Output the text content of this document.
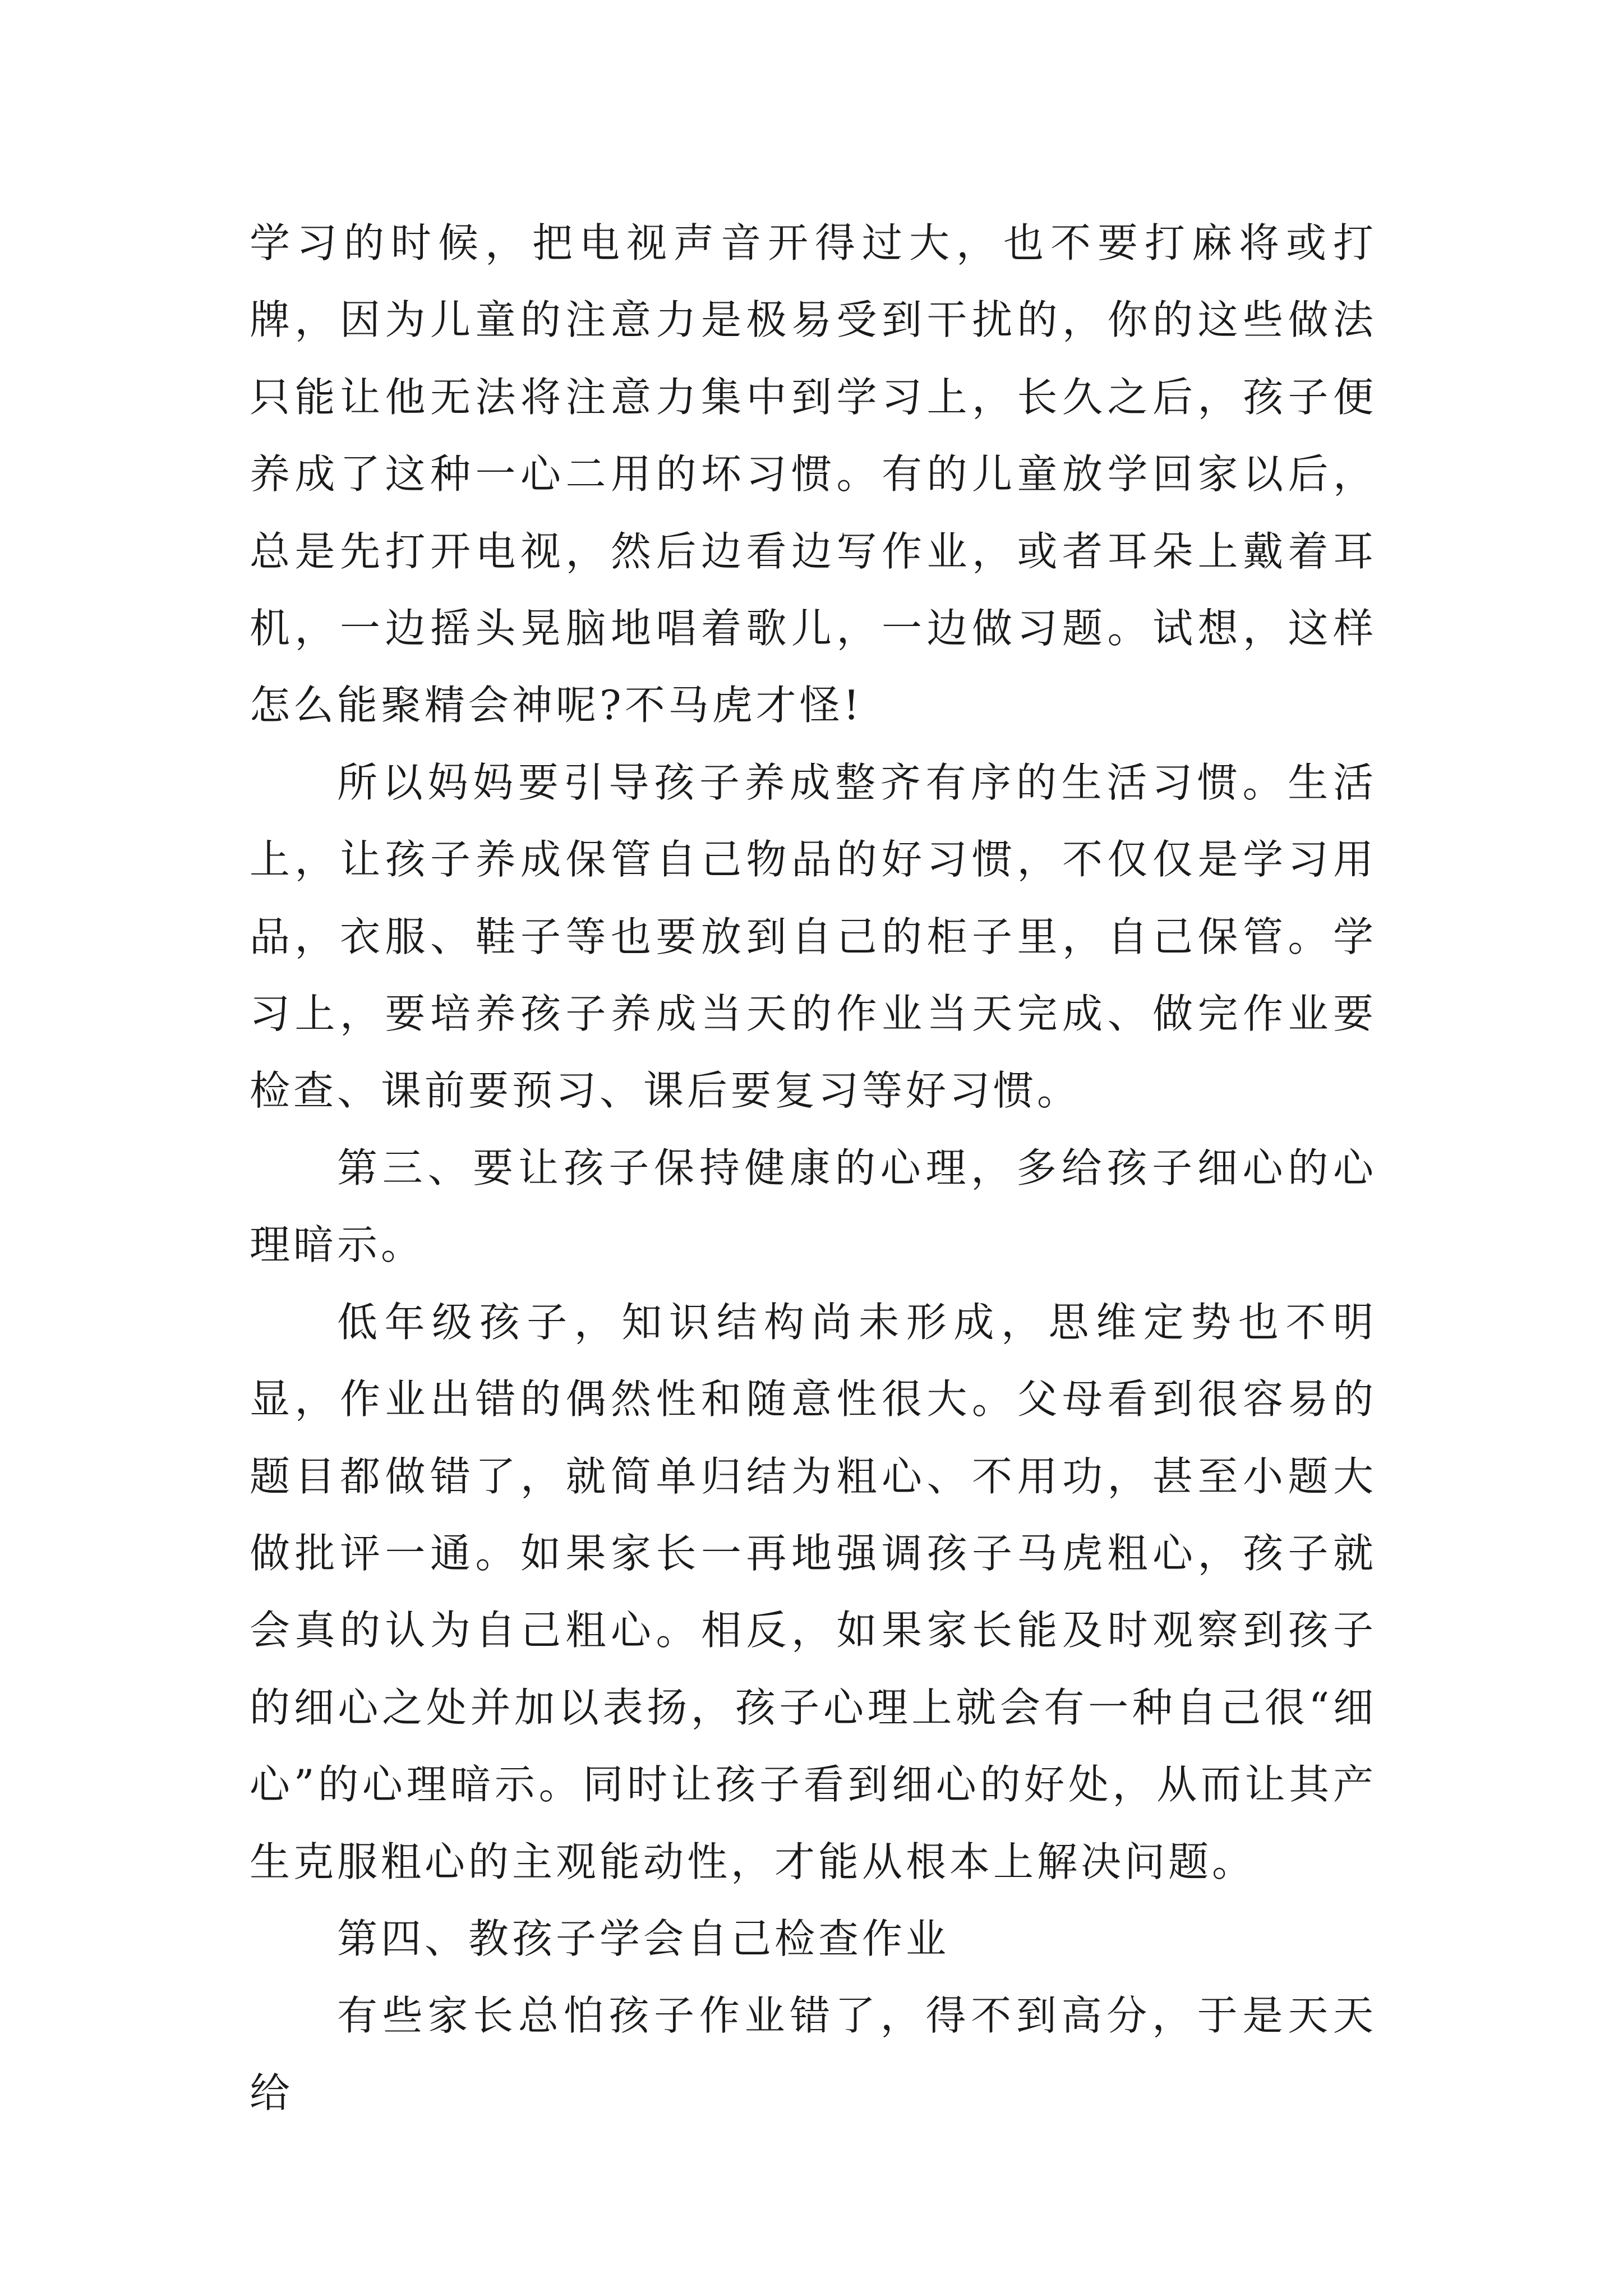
学习的时候，把电视声音开得过大，也不要打麻将或打牌，因为儿童的注意力是极易受到干扰的，你的这些做法只能让他无法将注意力集中到学习上，长久之后，孩子便养成了这种一心二用的坏习惯。有的儿童放学回家以后，总是先打开电视，然后边看边写作业，或者耳朵上戴着耳机，一边摇头晃脑地唱着歌儿，一边做习题。试想，这样怎么能聚精会神呢?不马虎才怪!

所以妈妈要引导孩子养成整齐有序的生活习惯。生活上，让孩子养成保管自己物品的好习惯，不仅仅是学习用品，衣服、鞋子等也要放到自己的柜子里，自己保管。学习上，要培养孩子养成当天的作业当天完成、做完作业要检查、课前要预习、课后要复习等好习惯。

第三、要让孩子保持健康的心理，多给孩子细心的心理暗示。

低年级孩子，知识结构尚未形成，思维定势也不明显，作业出错的偶然性和随意性很大。父母看到很容易的题目都做错了，就简单归结为粗心、不用功，甚至小题大做批评一通。如果家长一再地强调孩子马虎粗心，孩子就会真的认为自己粗心。相反，如果家长能及时观察到孩子的细心之处并加以表扬，孩子心理上就会有一种自己很“细心”的心理暗示。同时让孩子看到细心的好处，从而让其产生克服粗心的主观能动性，才能从根本上解决问题。

第四、教孩子学会自己检查作业

有些家长总怕孩子作业错了，得不到高分，于是天天给
